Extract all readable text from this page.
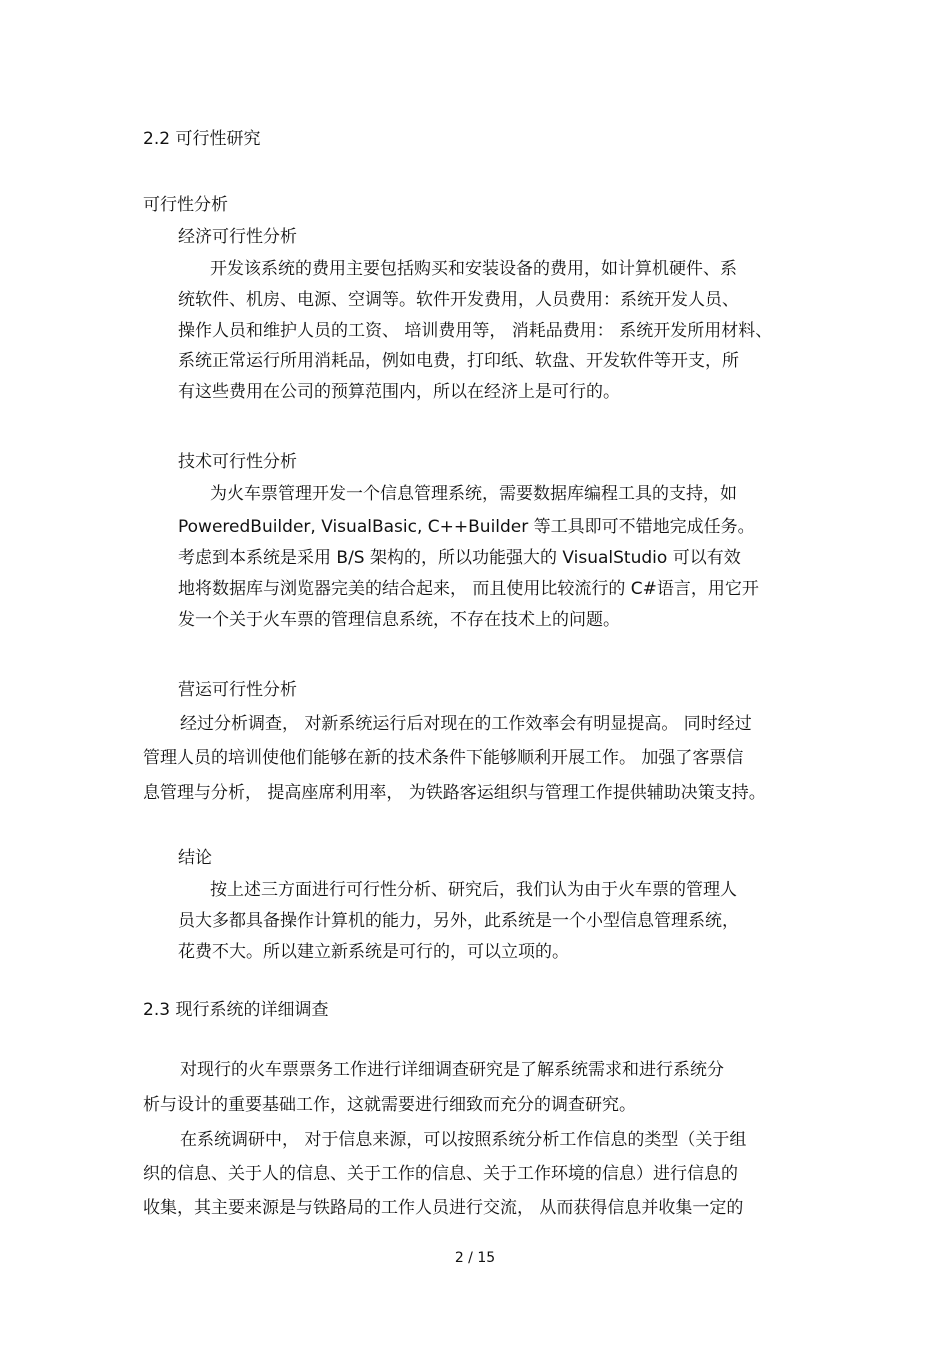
2.2 可行性研究
可行性分析
经济可行性分析
开发该系统的费用主要包括购买和安装设备的费用，如计算机硬件、系
统软件、机房、电源、空调等。软件开发费用，人员费用：系统开发人员、
操作人员和维护人员的工资、 培训费用等， 消耗品费用： 系统开发所用材料、
系统正常运行所用消耗品，例如电费，打印纸、软盘、开发软件等开支，所
有这些费用在公司的预算范围内，所以在经济上是可行的。
技术可行性分析
为火车票管理开发一个信息管理系统，需要数据库编程工具的支持，如
PoweredBuilder, VisualBasic, C++Builder 等工具即可不错地完成任务。
考虑到本系统是采用 B/S 架构的，所以功能强大的 VisualStudio 可以有效
地将数据库与浏览器完美的结合起来， 而且使用比较流行的 C#语言，用它开
发一个关于火车票的管理信息系统，不存在技术上的问题。
营运可行性分析
经过分析调查， 对新系统运行后对现在的工作效率会有明显提高。 同时经过
管理人员的培训使他们能够在新的技术条件下能够顺利开展工作。 加强了客票信
息管理与分析， 提高座席利用率， 为铁路客运组织与管理工作提供辅助决策支持。
结论
按上述三方面进行可行性分析、研究后，我们认为由于火车票的管理人
员大多都具备操作计算机的能力，另外，此系统是一个小型信息管理系统，
花费不大。所以建立新系统是可行的，可以立项的。
2.3 现行系统的详细调查
对现行的火车票票务工作进行详细调查研究是了解系统需求和进行系统分
析与设计的重要基础工作，这就需要进行细致而充分的调查研究。
在系统调研中， 对于信息来源，可以按照系统分析工作信息的类型（关于组
织的信息、关于人的信息、关于工作的信息、关于工作环境的信息）进行信息的
收集，其主要来源是与铁路局的工作人员进行交流， 从而获得信息并收集一定的
2 / 15
